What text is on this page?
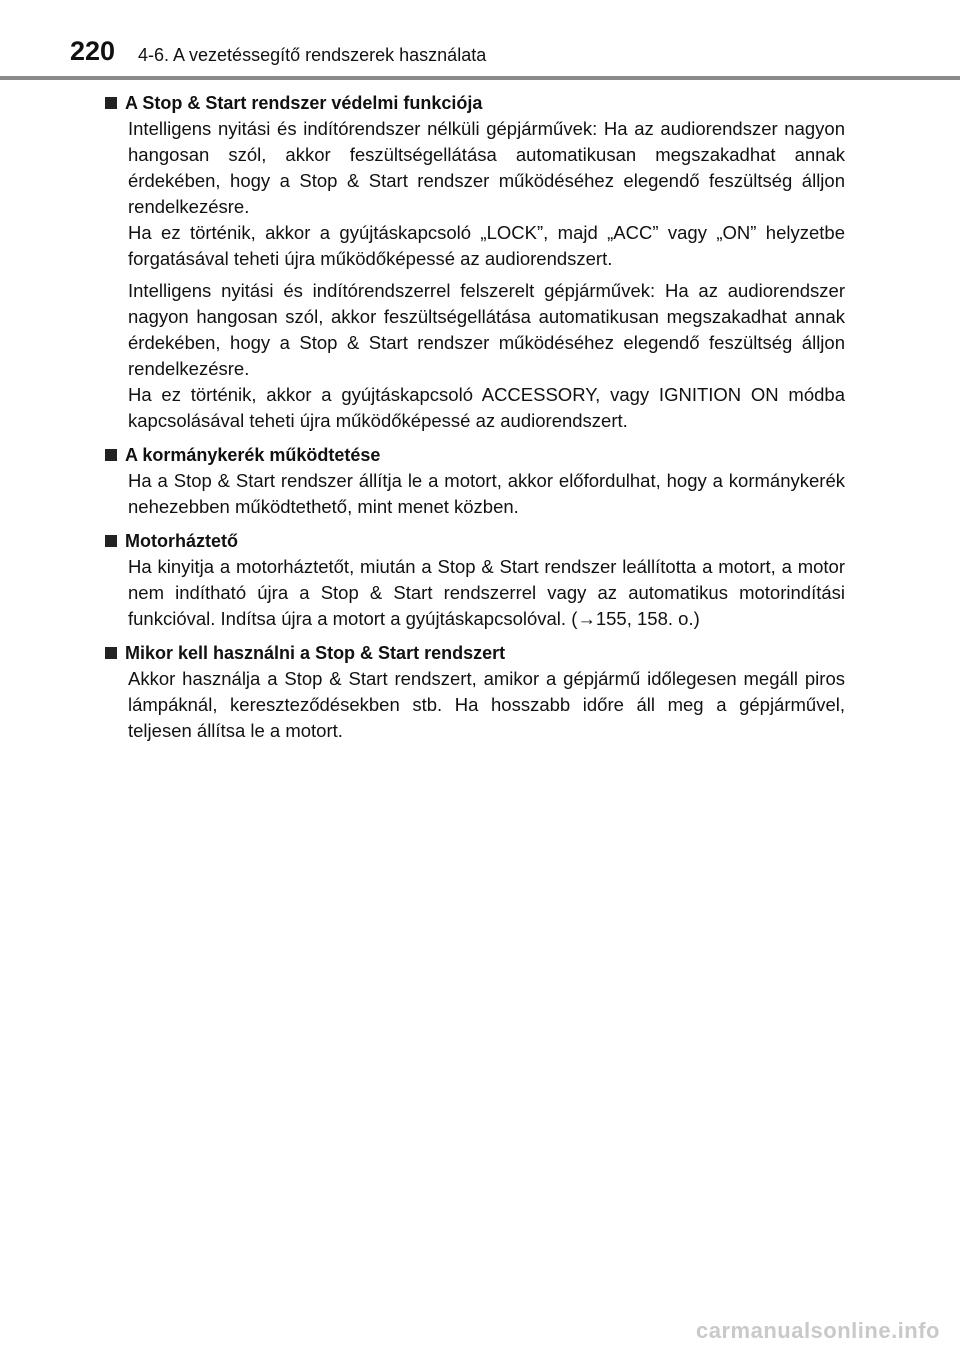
220 4-6. A vezetéssegítő rendszerek használata
A Stop & Start rendszer védelmi funkciója

Intelligens nyitási és indítórendszer nélküli gépjárművek: Ha az audiorendszer nagyon hangosan szól, akkor feszültségellátása automatikusan megszakadhat annak érdekében, hogy a Stop & Start rendszer működéséhez elegendő feszültség álljon rendelkezésre.

Ha ez történik, akkor a gyújtáskapcsoló „LOCK”, majd „ACC” vagy „ON” helyzetbe forgatásával teheti újra működőképessé az audiorendszert.

Intelligens nyitási és indítórendszerrel felszerelt gépjárművek: Ha az audiorendszer nagyon hangosan szól, akkor feszültségellátása automatikusan megszakadhat annak érdekében, hogy a Stop & Start rendszer működéséhez elegendő feszültség álljon rendelkezésre.

Ha ez történik, akkor a gyújtáskapcsoló ACCESSORY, vagy IGNITION ON módba kapcsolásával teheti újra működőképessé az audiorendszert.

A kormánykerék működtetése

Ha a Stop & Start rendszer állítja le a motort, akkor előfordulhat, hogy a kormánykerék nehezebben működtethető, mint menet közben.

Motorháztető

Ha kinyitja a motorháztetőt, miután a Stop & Start rendszer leállította a motort, a motor nem indítható újra a Stop & Start rendszerrel vagy az automatikus motorindítási funkcióval. Indítsa újra a motort a gyújtáskapcsolóval. (→155, 158. o.)

Mikor kell használni a Stop & Start rendszert

Akkor használja a Stop & Start rendszert, amikor a gépjármű időlegesen megáll piros lámpáknál, kereszteződésekben stb. Ha hosszabb időre áll meg a gépjárművel, teljesen állítsa le a motort.

carmanualsonline.info
